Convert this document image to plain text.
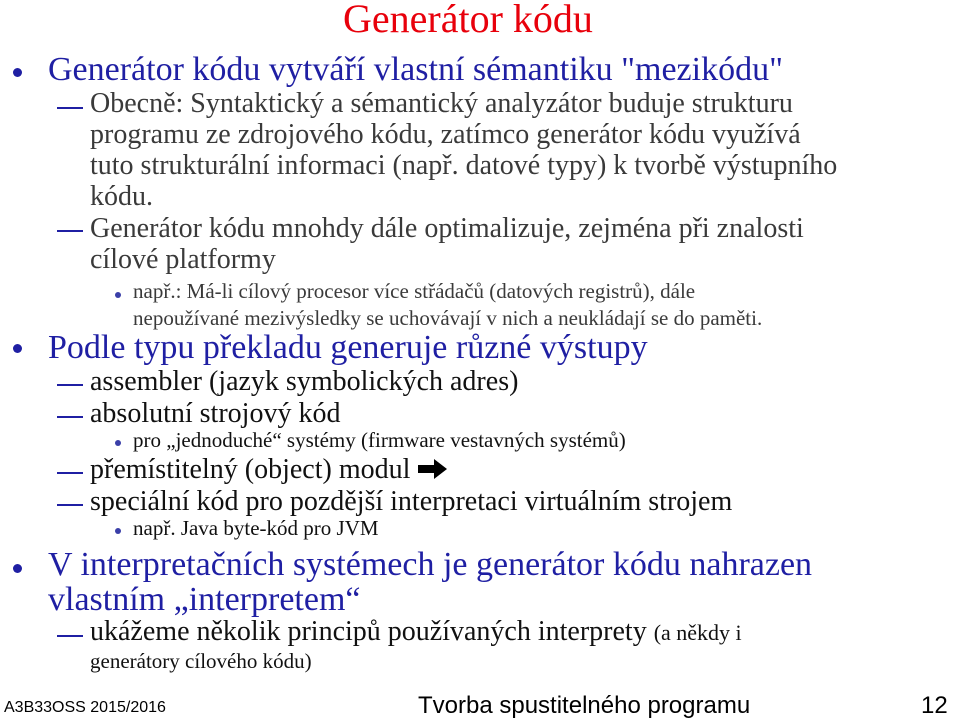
Generátor kódu
Generátor kódu vytváří vlastní sémantiku "mezikódu"
Obecně: Syntaktický a sémantický analyzátor buduje strukturu
programu ze zdrojového kódu, zatímco generátor kódu využívá
tuto strukturální informaci (např. datové typy) k tvorbě výstupního
kódu.
Generátor kódu mnohdy dále optimalizuje, zejména při znalosti
cílové platformy
např.: Má-li cílový procesor více střádačů (datových registrů), dále
nepoužívané mezivýsledky se uchovávají v nich a neukládají se do paměti.
Podle typu překladu generuje různé výstupy
assembler (jazyk symbolických adres)
absolutní strojový kód
pro „jednoduché“ systémy (firmware vestavných systémů)
přemístitelný (object) modul
speciální kód pro pozdější interpretaci virtuálním strojem
např. Java byte-kód pro JVM
V interpretačních systémech je generátor kódu nahrazen
vlastním „interpretem“
ukážeme několik principů používaných interprety (a někdy i
generátory cílového kódu)
A3B33OSS 2015/2016	Tvorba spustitelného programu	12
